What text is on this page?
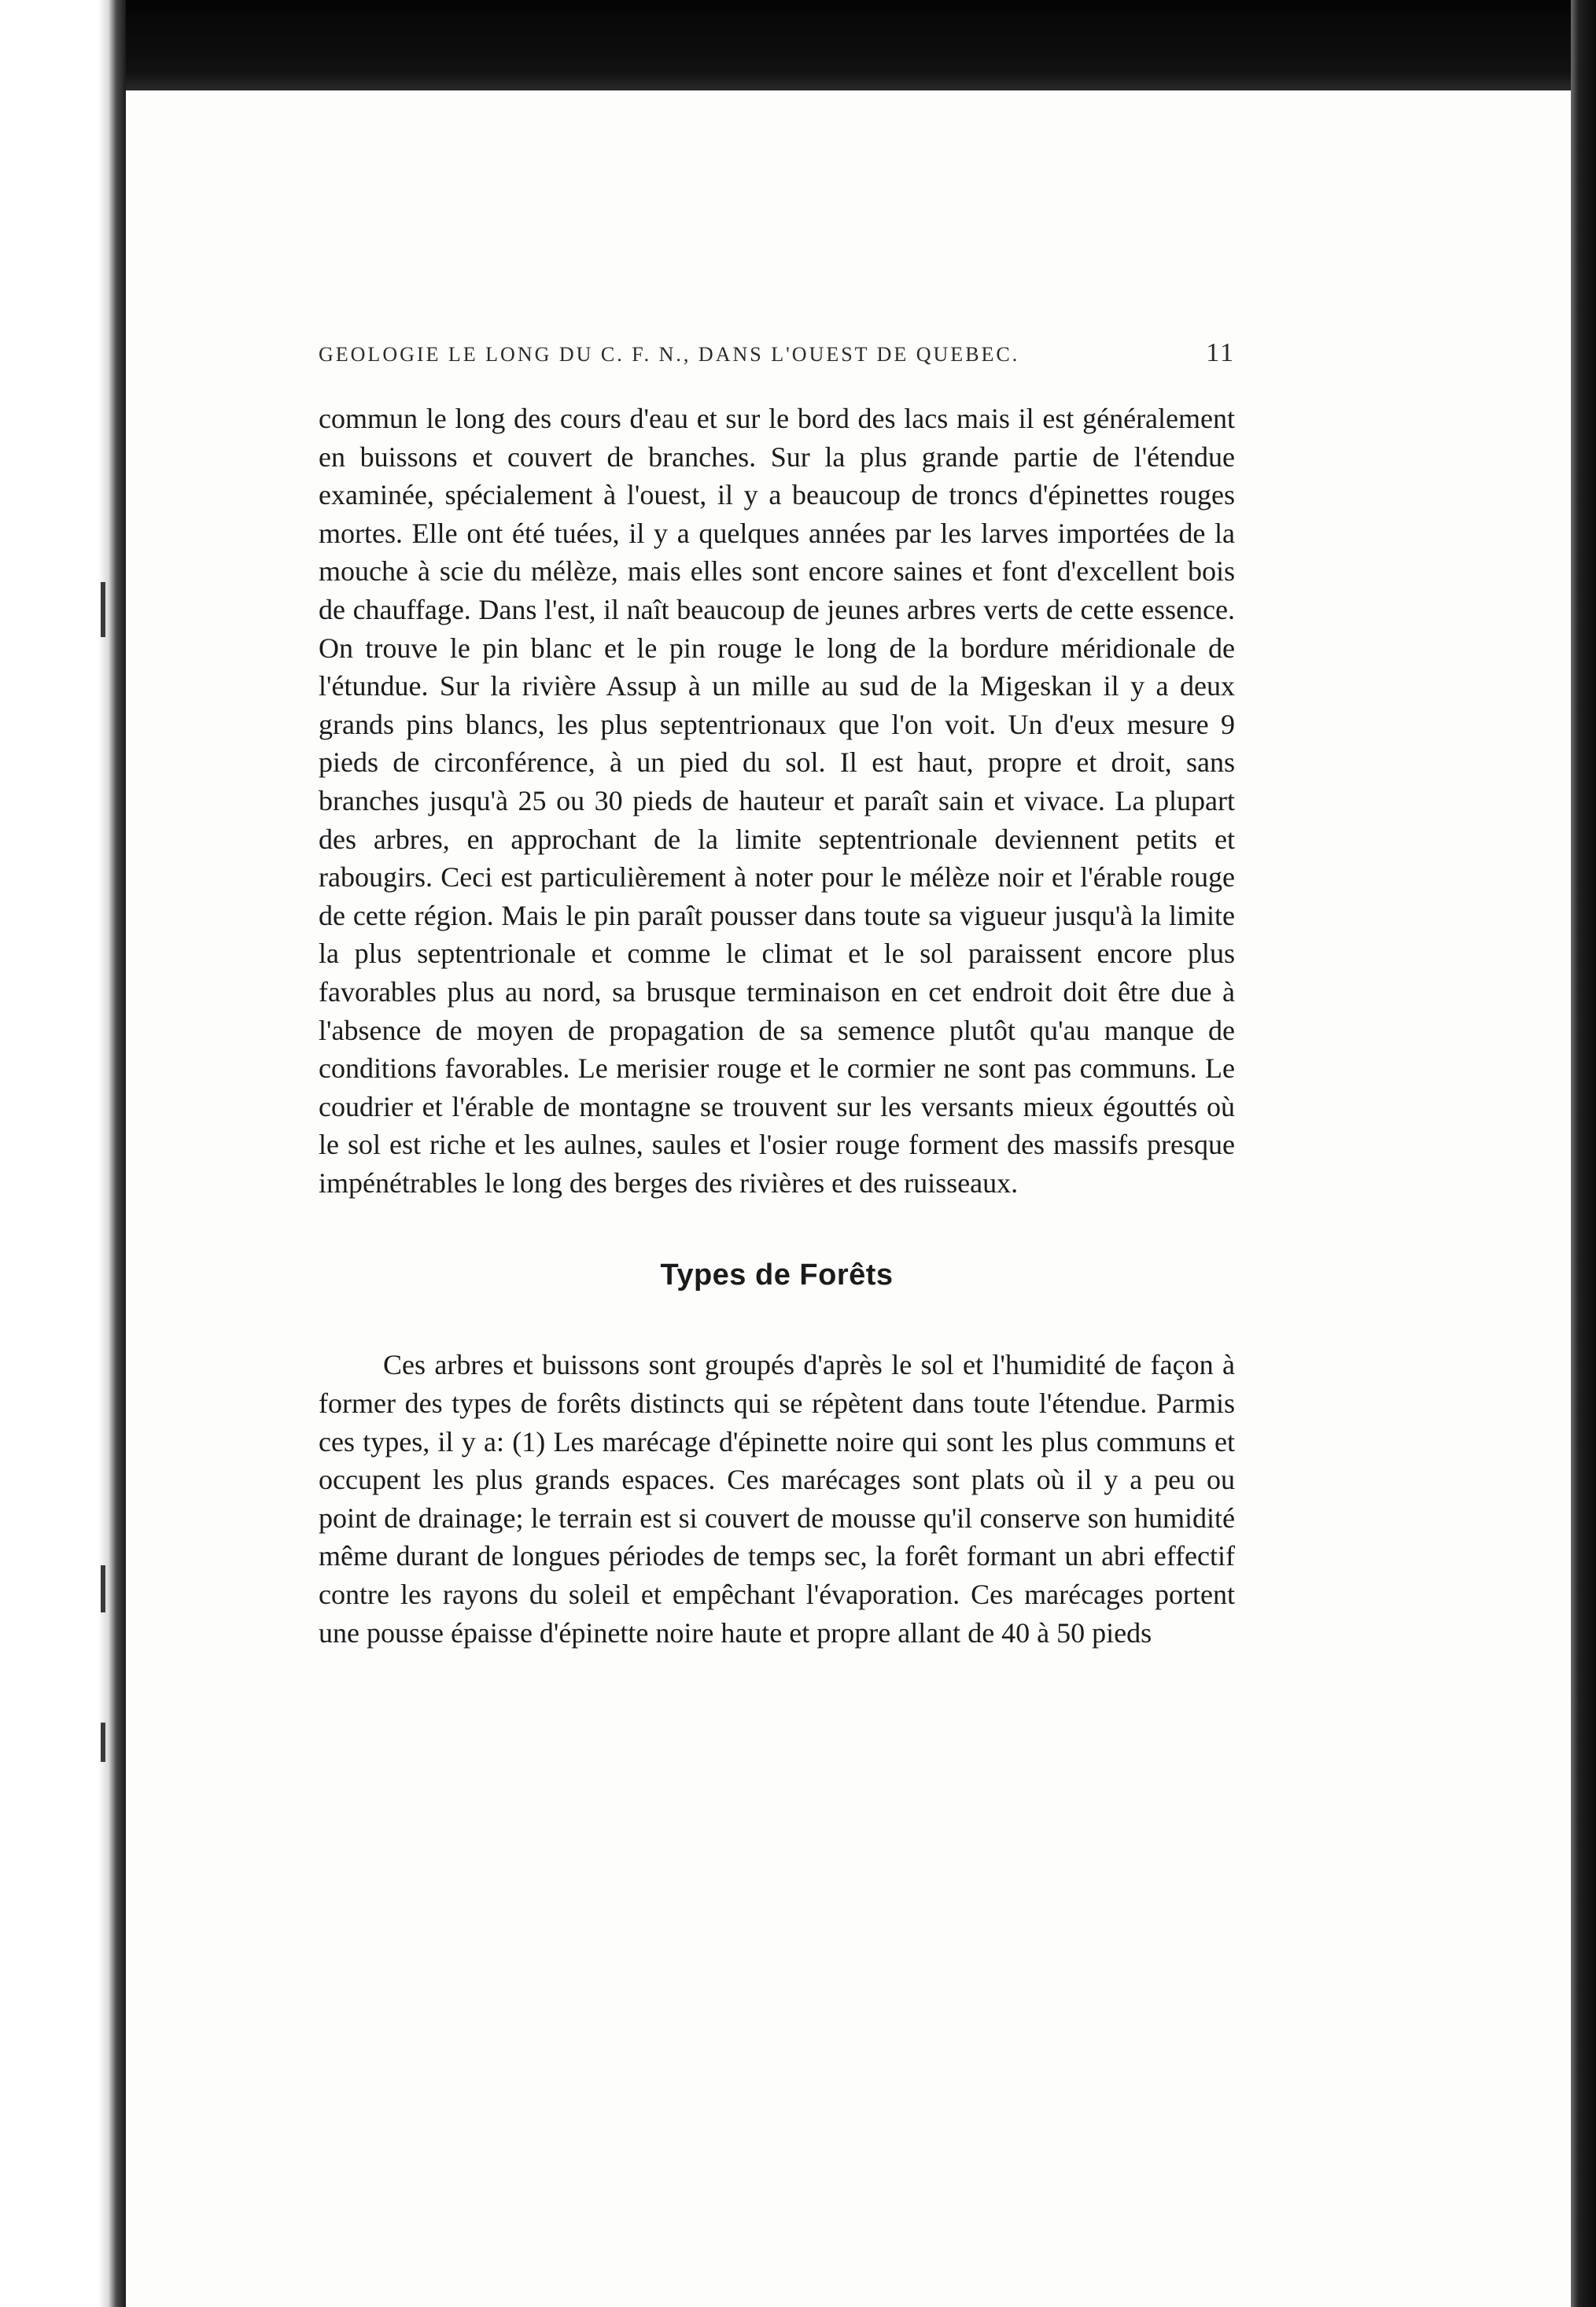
GEOLOGIE LE LONG DU C. F. N., DANS L'OUEST DE QUEBEC.	11

commun le long des cours d'eau et sur le bord des lacs mais il est généralement en buissons et couvert de branches. Sur la plus grande partie de l'étendue examinée, spécialement à l'ouest, il y a beaucoup de troncs d'épinettes rouges mortes. Elle ont été tuées, il y a quelques années par les larves importées de la mouche à scie du mélèze, mais elles sont encore saines et font d'excellent bois de chauffage. Dans l'est, il naît beaucoup de jeunes arbres verts de cette essence. On trouve le pin blanc et le pin rouge le long de la bordure méridionale de l'étundue. Sur la rivière Assup à un mille au sud de la Migeskan il y a deux grands pins blancs, les plus septentrionaux que l'on voit. Un d'eux mesure 9 pieds de circonférence, à un pied du sol. Il est haut, propre et droit, sans branches jusqu'à 25 ou 30 pieds de hauteur et paraît sain et vivace. La plupart des arbres, en approchant de la limite septentrionale deviennent petits et rabougirs. Ceci est particulièrement à noter pour le mélèze noir et l'érable rouge de cette région. Mais le pin paraît pousser dans toute sa vigueur jusqu'à la limite la plus septentrionale et comme le climat et le sol paraissent encore plus favorables plus au nord, sa brusque terminaison en cet endroit doit être due à l'absence de moyen de propagation de sa semence plutôt qu'au manque de conditions favorables. Le merisier rouge et le cormier ne sont pas communs. Le coudrier et l'érable de montagne se trouvent sur les versants mieux égouttés où le sol est riche et les aulnes, saules et l'osier rouge forment des massifs presque impénétrables le long des berges des rivières et des ruisseaux.

Types de Forêts

Ces arbres et buissons sont groupés d'après le sol et l'humidité de façon à former des types de forêts distincts qui se répètent dans toute l'étendue. Parmis ces types, il y a: (1) Les marécage d'épinette noire qui sont les plus communs et occupent les plus grands espaces. Ces marécages sont plats où il y a peu ou point de drainage; le terrain est si couvert de mousse qu'il conserve son humidité même durant de longues périodes de temps sec, la forêt formant un abri effectif contre les rayons du soleil et empêchant l'évaporation. Ces marécages portent une pousse épaisse d'épinette noire haute et propre allant de 40 à 50 pieds
